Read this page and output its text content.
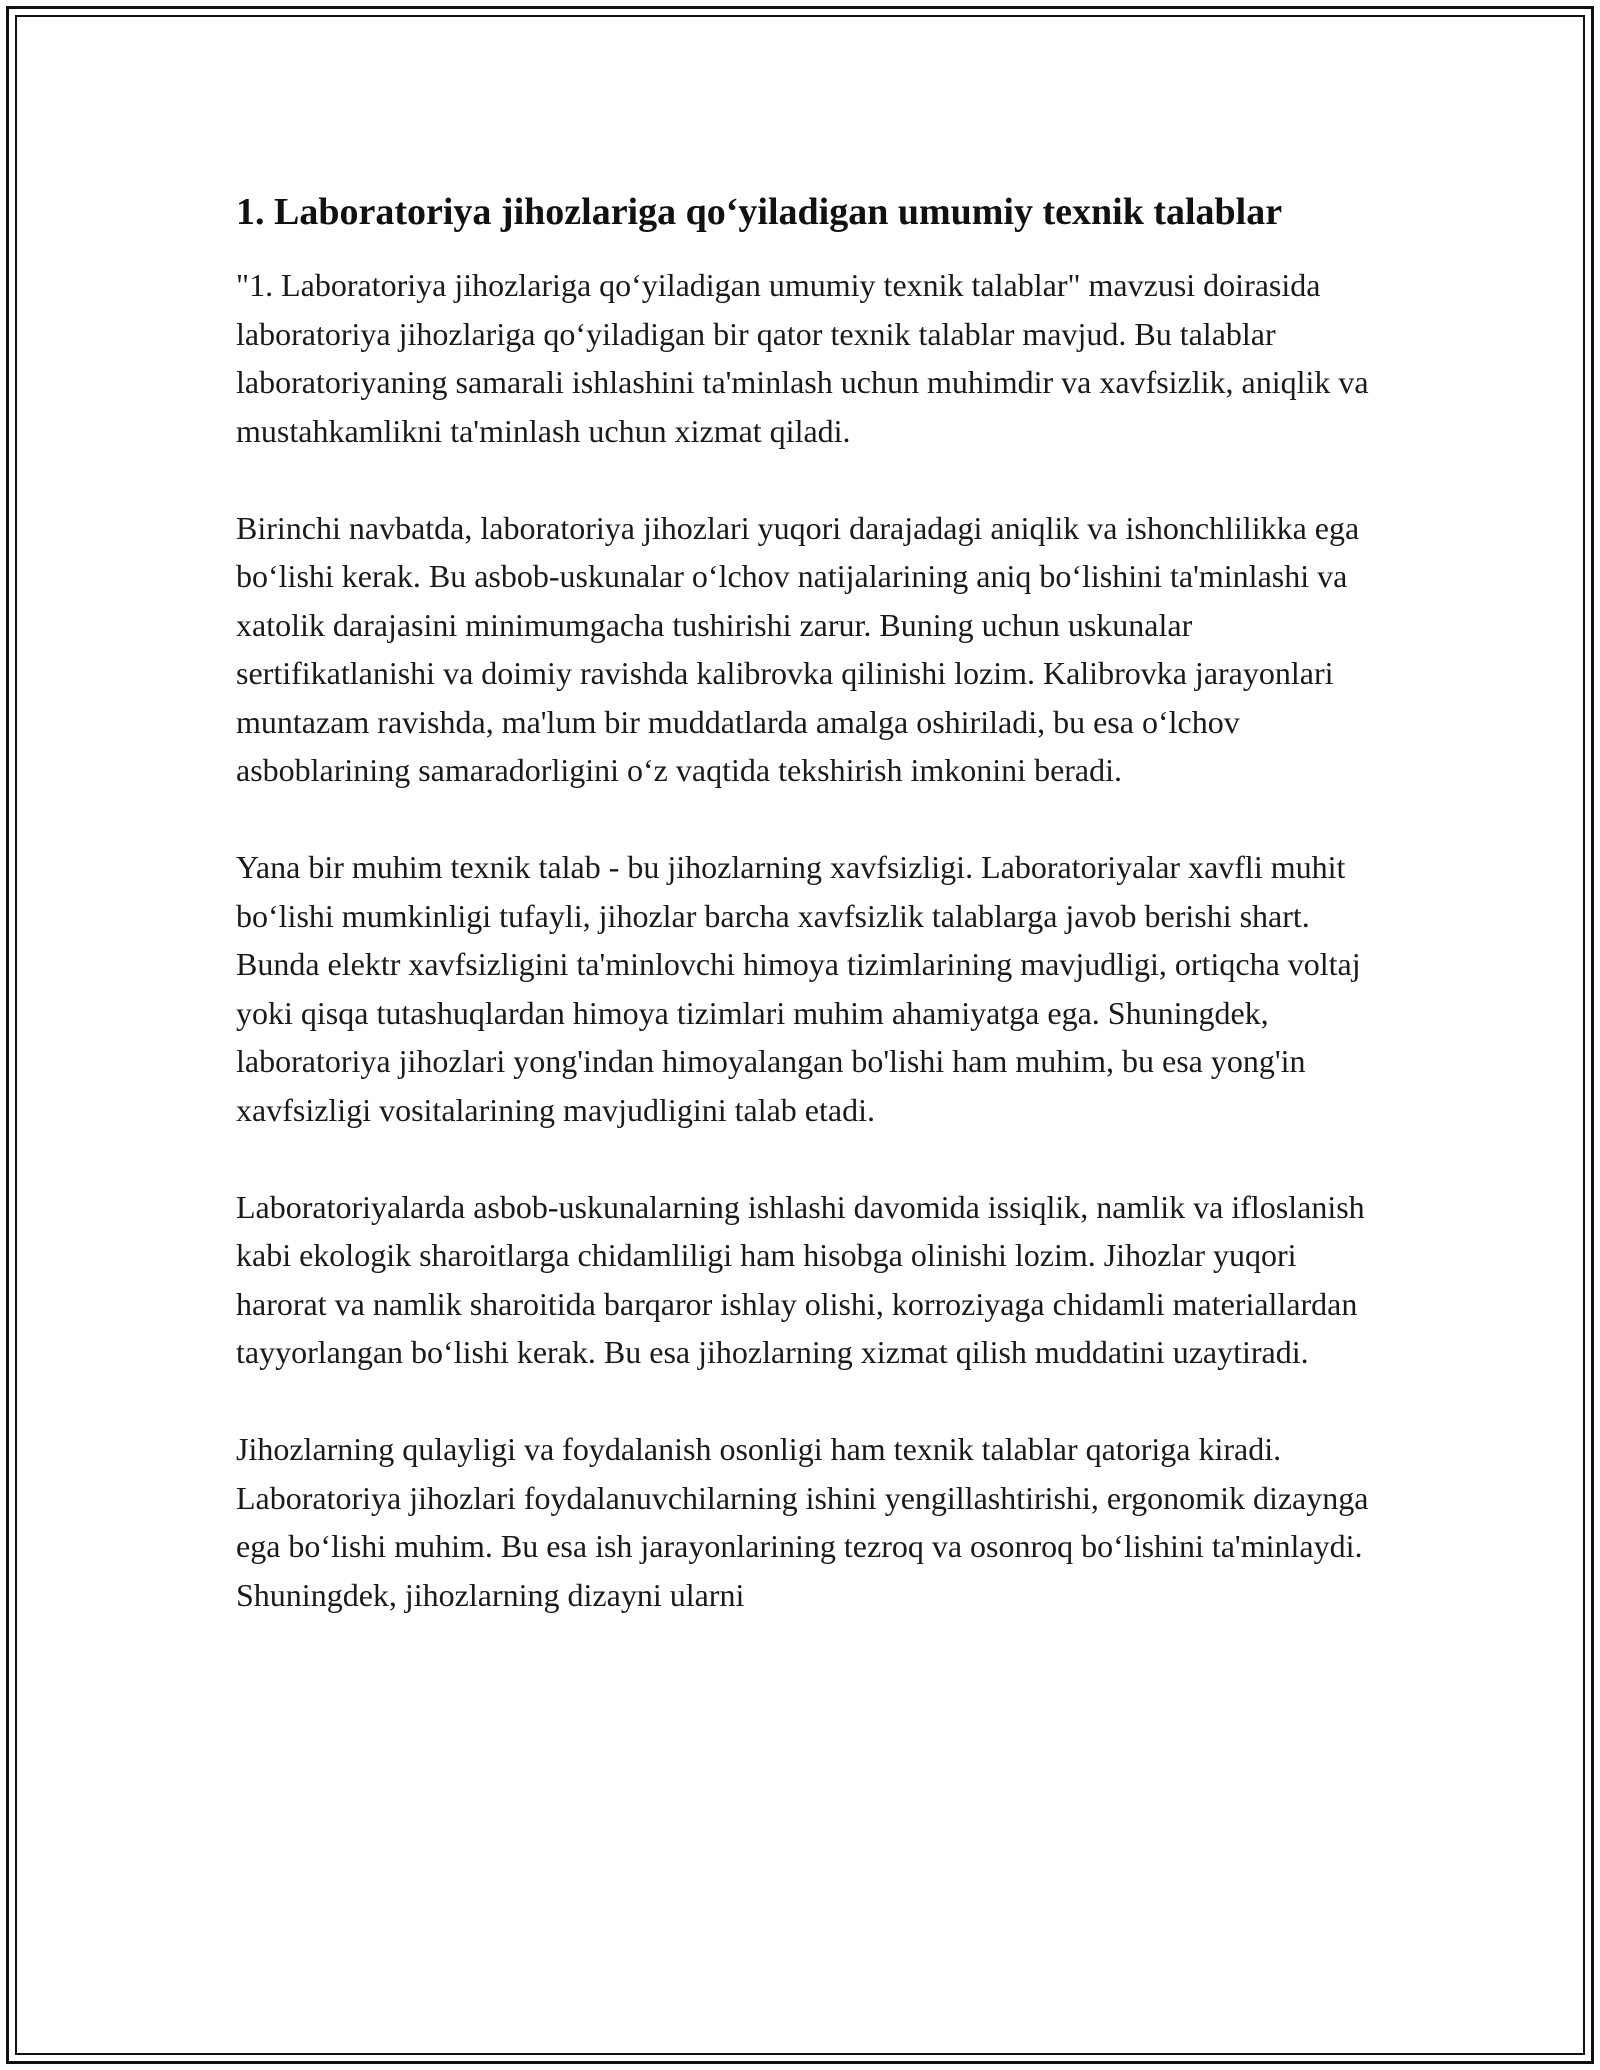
1. Laboratoriya jihozlariga qo‘yiladigan umumiy texnik talablar

"1. Laboratoriya jihozlariga qo‘yiladigan umumiy texnik talablar" mavzusi doirasida laboratoriya jihozlariga qo‘yiladigan bir qator texnik talablar mavjud. Bu talablar laboratoriyaning samarali ishlashini ta'minlash uchun muhimdir va xavfsizlik, aniqlik va mustahkamlikni ta'minlash uchun xizmat qiladi.

Birinchi navbatda, laboratoriya jihozlari yuqori darajadagi aniqlik va ishonchlilikka ega bo‘lishi kerak. Bu asbob-uskunalar o‘lchov natijalarining aniq bo‘lishini ta'minlashi va xatolik darajasini minimumgacha tushirishi zarur. Buning uchun uskunalar sertifikatlanishi va doimiy ravishda kalibrovka qilinishi lozim. Kalibrovka jarayonlari muntazam ravishda, ma'lum bir muddatlarda amalga oshiriladi, bu esa o‘lchov asboblarining samaradorligini o‘z vaqtida tekshirish imkonini beradi.

Yana bir muhim texnik talab - bu jihozlarning xavfsizligi. Laboratoriyalar xavfli muhit bo‘lishi mumkinligi tufayli, jihozlar barcha xavfsizlik talablarga javob berishi shart. Bunda elektr xavfsizligini ta'minlovchi himoya tizimlarining mavjudligi, ortiqcha voltaj yoki qisqa tutashuqlardan himoya tizimlari muhim ahamiyatga ega. Shuningdek, laboratoriya jihozlari yong'indan himoyalangan bo'lishi ham muhim, bu esa yong'in xavfsizligi vositalarining mavjudligini talab etadi.

Laboratoriyalarda asbob-uskunalarning ishlashi davomida issiqlik, namlik va ifloslanish kabi ekologik sharoitlarga chidamliligi ham hisobga olinishi lozim. Jihozlar yuqori harorat va namlik sharoitida barqaror ishlay olishi, korroziyaga chidamli materiallardan tayyorlangan bo‘lishi kerak. Bu esa jihozlarning xizmat qilish muddatini uzaytiradi.

Jihozlarning qulayligi va foydalanish osonligi ham texnik talablar qatoriga kiradi. Laboratoriya jihozlari foydalanuvchilarning ishini yengillashtirishi, ergonomik dizaynga ega bo‘lishi muhim. Bu esa ish jarayonlarining tezroq va osonroq bo‘lishini ta'minlaydi. Shuningdek, jihozlarning dizayni ularni
